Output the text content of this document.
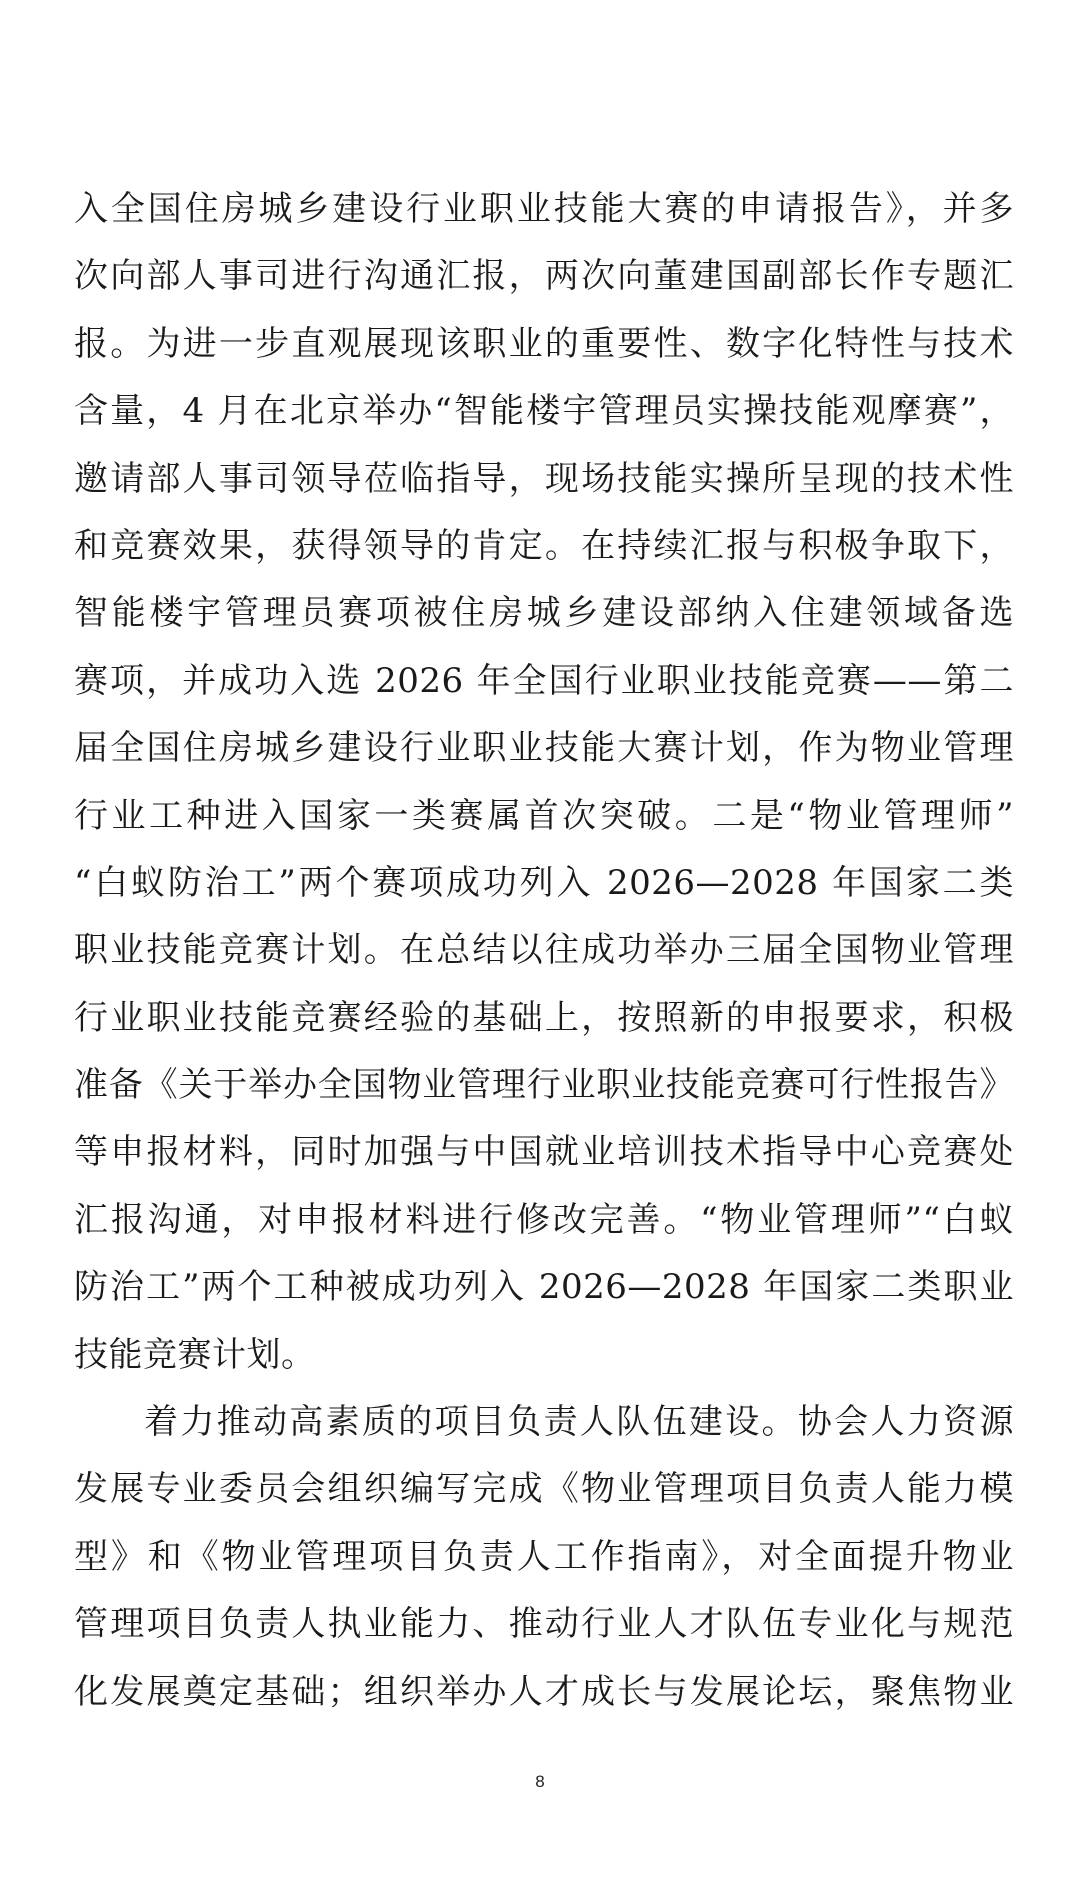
入全国住房城乡建设行业职业技能大赛的申请报告》，并多
次向部人事司进行沟通汇报，两次向董建国副部长作专题汇
报。为进一步直观展现该职业的重要性、数字化特性与技术
含量，4 月在北京举办“智能楼宇管理员实操技能观摩赛”，
邀请部人事司领导莅临指导，现场技能实操所呈现的技术性
和竞赛效果，获得领导的肯定。在持续汇报与积极争取下，
智能楼宇管理员赛项被住房城乡建设部纳入住建领域备选
赛项，并成功入选 2026 年全国行业职业技能竞赛——第二
届全国住房城乡建设行业职业技能大赛计划，作为物业管理
行业工种进入国家一类赛属首次突破。二是“物业管理师”
“白蚁防治工”两个赛项成功列入 2026—2028 年国家二类
职业技能竞赛计划。在总结以往成功举办三届全国物业管理
行业职业技能竞赛经验的基础上，按照新的申报要求，积极
准备《关于举办全国物业管理行业职业技能竞赛可行性报告》
等申报材料，同时加强与中国就业培训技术指导中心竞赛处
汇报沟通，对申报材料进行修改完善。“物业管理师”“白蚁
防治工”两个工种被成功列入 2026—2028 年国家二类职业
技能竞赛计划。
着力推动高素质的项目负责人队伍建设。协会人力资源
发展专业委员会组织编写完成《物业管理项目负责人能力模
型》和《物业管理项目负责人工作指南》，对全面提升物业
管理项目负责人执业能力、推动行业人才队伍专业化与规范
化发展奠定基础；组织举办人才成长与发展论坛，聚焦物业
8
